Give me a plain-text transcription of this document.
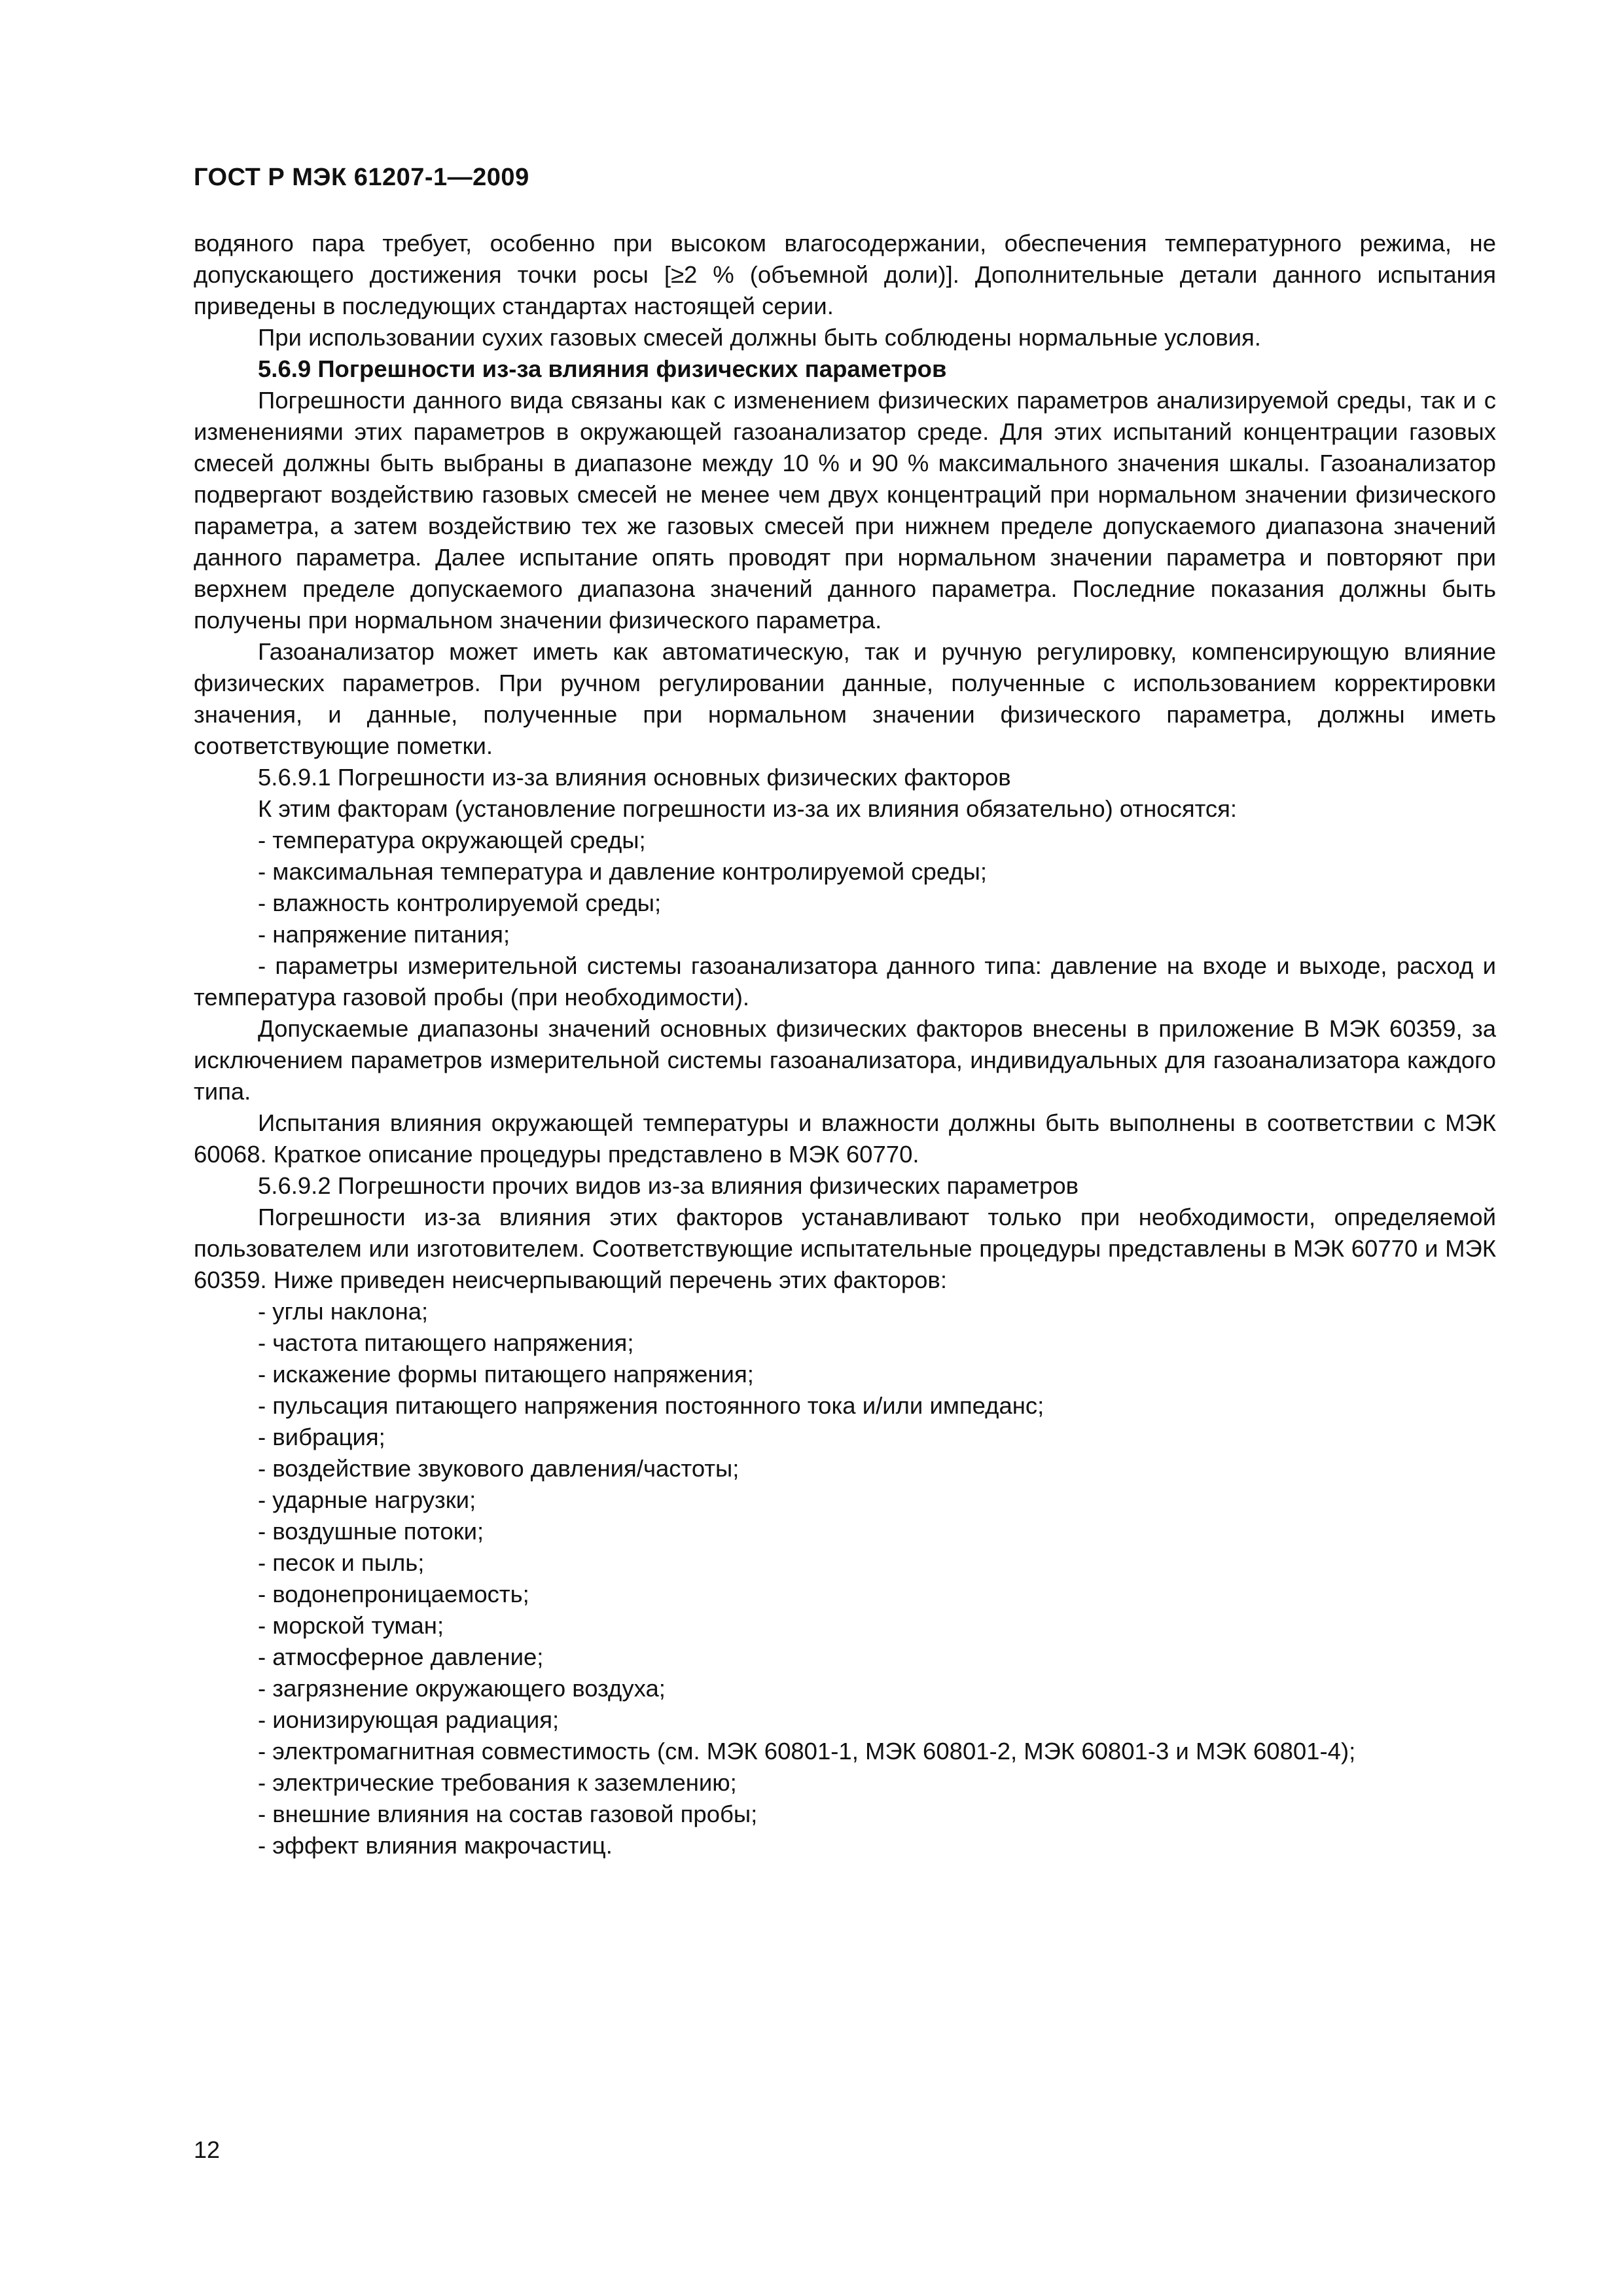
ГОСТ Р МЭК 61207-1—2009

водяного пара требует, особенно при высоком влагосодержании, обеспечения температурного режима, не допускающего достижения точки росы [≥2 % (объемной доли)]. Дополнительные детали данного испытания приведены в последующих стандартах настоящей серии.

При использовании сухих газовых смесей должны быть соблюдены нормальные условия.

5.6.9 Погрешности из-за влияния физических параметров

Погрешности данного вида связаны как с изменением физических параметров анализируемой среды, так и с изменениями этих параметров в окружающей газоанализатор среде. Для этих испытаний концентрации газовых смесей должны быть выбраны в диапазоне между 10 % и 90 % максимального значения шкалы. Газоанализатор подвергают воздействию газовых смесей не менее чем двух концентраций при нормальном значении физического параметра, а затем воздействию тех же газовых смесей при нижнем пределе допускаемого диапазона значений данного параметра. Далее испытание опять проводят при нормальном значении параметра и повторяют при верхнем пределе допускаемого диапазона значений данного параметра. Последние показания должны быть получены при нормальном значении физического параметра.

Газоанализатор может иметь как автоматическую, так и ручную регулировку, компенсирующую влияние физических параметров. При ручном регулировании данные, полученные с использованием корректировки значения, и данные, полученные при нормальном значении физического параметра, должны иметь соответствующие пометки.

5.6.9.1 Погрешности из-за влияния основных физических факторов

К этим факторам (установление погрешности из-за их влияния обязательно) относятся:

- температура окружающей среды;

- максимальная температура и давление контролируемой среды;

- влажность контролируемой среды;

- напряжение питания;

- параметры измерительной системы газоанализатора данного типа: давление на входе и выходе, расход и температура газовой пробы (при необходимости).

Допускаемые диапазоны значений основных физических факторов внесены в приложение В МЭК 60359, за исключением параметров измерительной системы газоанализатора, индивидуальных для газоанализатора каждого типа.

Испытания влияния окружающей температуры и влажности должны быть выполнены в соответствии с МЭК 60068. Краткое описание процедуры представлено в МЭК 60770.

5.6.9.2 Погрешности прочих видов из-за влияния физических параметров

Погрешности из-за влияния этих факторов устанавливают только при необходимости, определяемой пользователем или изготовителем. Соответствующие испытательные процедуры представлены в МЭК 60770 и МЭК 60359. Ниже приведен неисчерпывающий перечень этих факторов:

- углы наклона;

- частота питающего напряжения;

- искажение формы питающего напряжения;

- пульсация питающего напряжения постоянного тока и/или импеданс;

- вибрация;

- воздействие звукового давления/частоты;

- ударные нагрузки;

- воздушные потоки;

- песок и пыль;

- водонепроницаемость;

- морской туман;

- атмосферное давление;

- загрязнение окружающего воздуха;

- ионизирующая радиация;

- электромагнитная совместимость (см. МЭК 60801-1, МЭК 60801-2, МЭК 60801-3 и МЭК 60801-4);

- электрические требования к заземлению;

- внешние влияния на состав газовой пробы;

- эффект влияния макрочастиц.

12
